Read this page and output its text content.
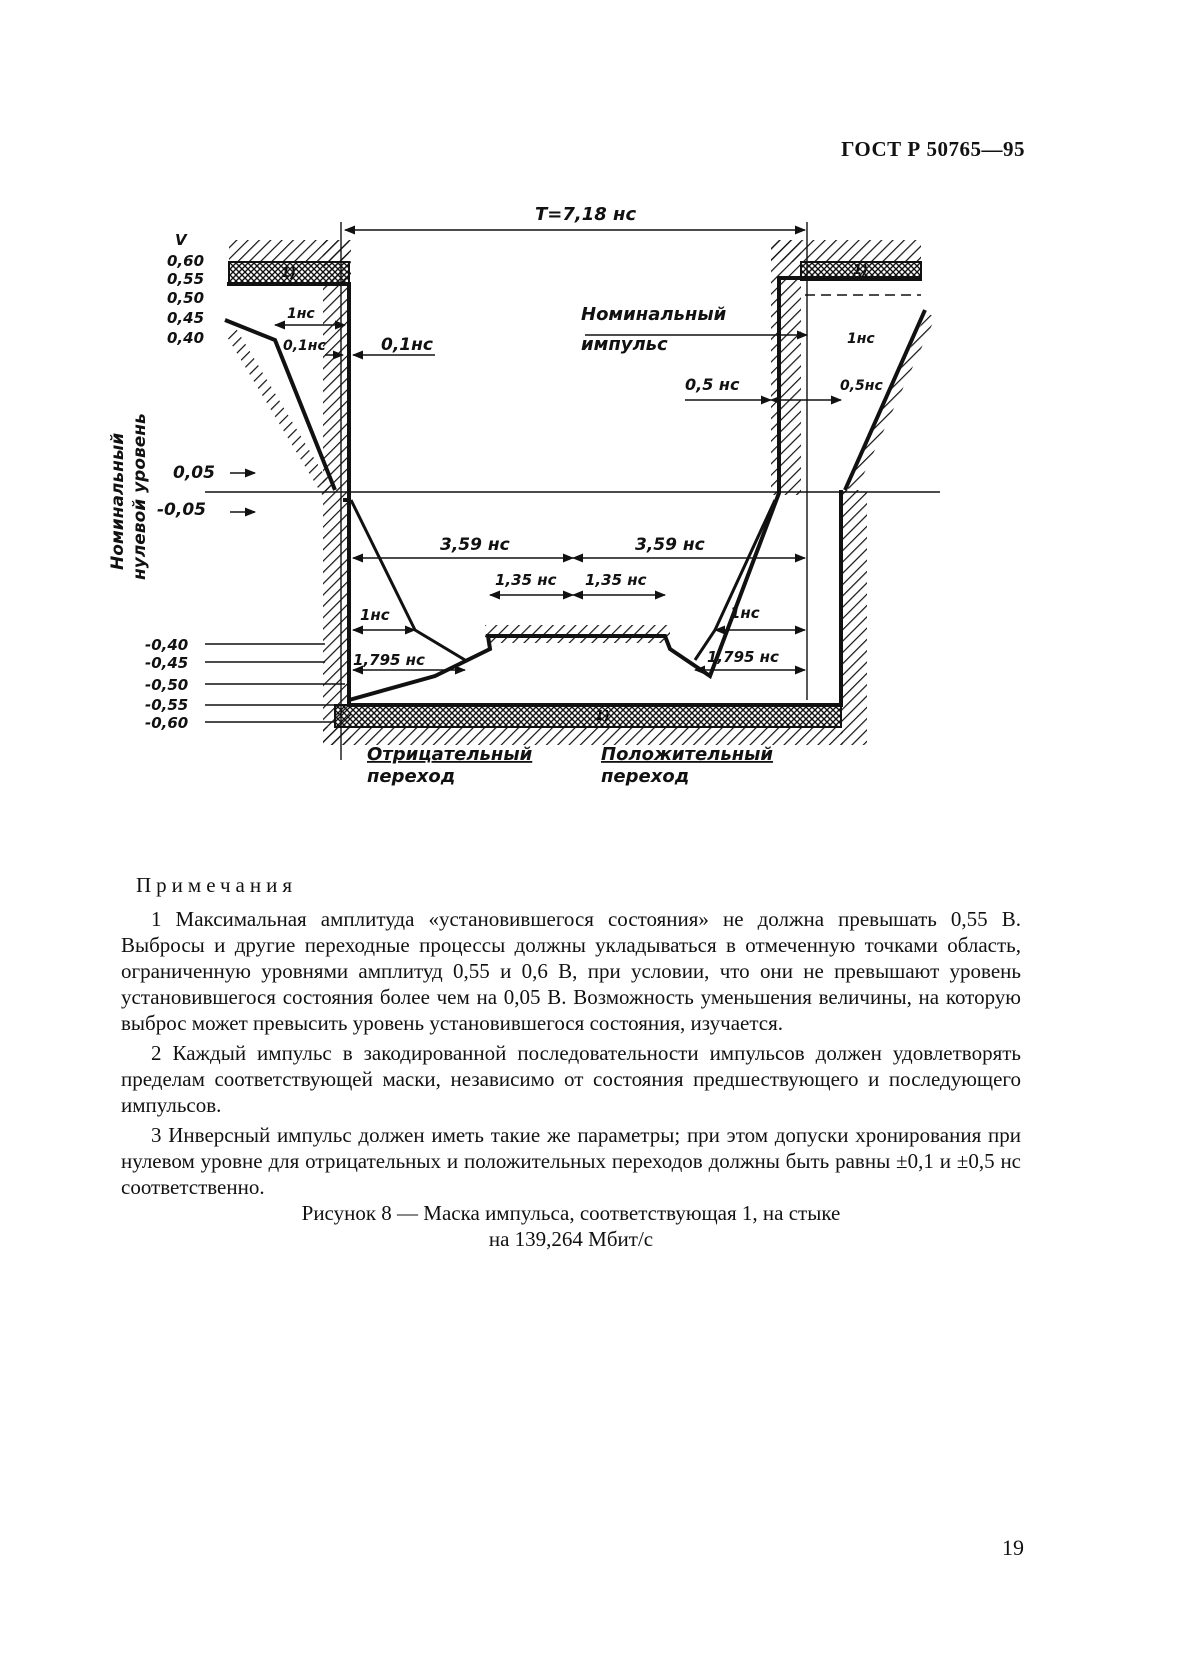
ГОСТ Р 50765—95
T=7,18 нс
V
0,60
0,55
0,50
0,45
0,40
0,05
-0,05
-0,40
-0,45
-0,50
-0,55
-0,60
Номинальный нулевой уровень
Номинальный
импульс
1)	1)
1)
1нс
0,1нс	0,1нс
0,5 нс
1нс
0,5нс
3,59 нс	3,59 нс
1,35 нс 1,35 нс
1нс	1нс
1,795 нс	1,795 нс
Отрицательный
переход
Положительный
переход
Примечания

1 Максимальная амплитуда «установившегося состояния» не должна превышать 0,55 В. Выбросы и другие переходные процессы должны укладываться в отмеченную точками область, ограниченную уровнями амплитуд 0,55 и 0,6 В, при условии, что они не превышают уровень установившегося состояния более чем на 0,05 В. Возможность уменьшения величины, на которую выброс может превысить уровень установившегося состояния, изучается.

2 Каждый импульс в закодированной последовательности импульсов должен удовлетворять пределам соответствующей маски, независимо от состояния предшествующего и последующего импульсов.

3 Инверсный импульс должен иметь такие же параметры; при этом допуски хронирования при нулевом уровне для отрицательных и положительных переходов должны быть равны ±0,1 и ±0,5 нс соответственно.

Рисунок 8 — Маска импульса, соответствующая 1, на стыке
на 139,264 Мбит/с
19
